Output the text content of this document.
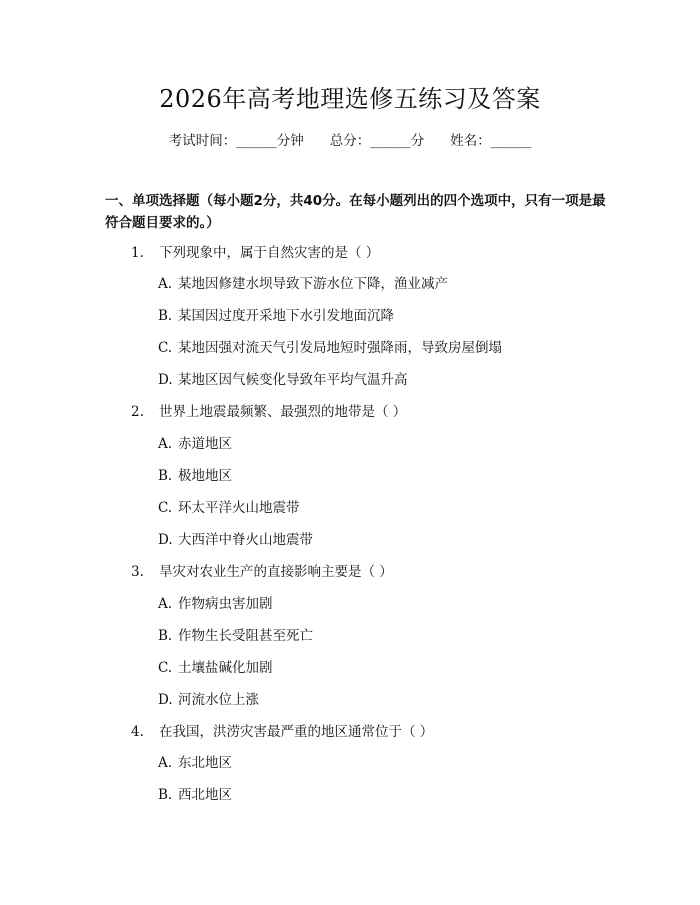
2026年高考地理选修五练习及答案
考试时间：______分钟 总分：______分 姓名：______
一、单项选择题（每小题2分，共40分。在每小题列出的四个选项中，只有一项是最符合题目要求的。）
1. 下列现象中，属于自然灾害的是（ ）
A. 某地因修建水坝导致下游水位下降，渔业减产
B. 某国因过度开采地下水引发地面沉降
C. 某地因强对流天气引发局地短时强降雨，导致房屋倒塌
D. 某地区因气候变化导致年平均气温升高
2. 世界上地震最频繁、最强烈的地带是（ ）
A. 赤道地区
B. 极地地区
C. 环太平洋火山地震带
D. 大西洋中脊火山地震带
3. 旱灾对农业生产的直接影响主要是（ ）
A. 作物病虫害加剧
B. 作物生长受阻甚至死亡
C. 土壤盐碱化加剧
D. 河流水位上涨
4. 在我国，洪涝灾害最严重的地区通常位于（ ）
A. 东北地区
B. 西北地区
